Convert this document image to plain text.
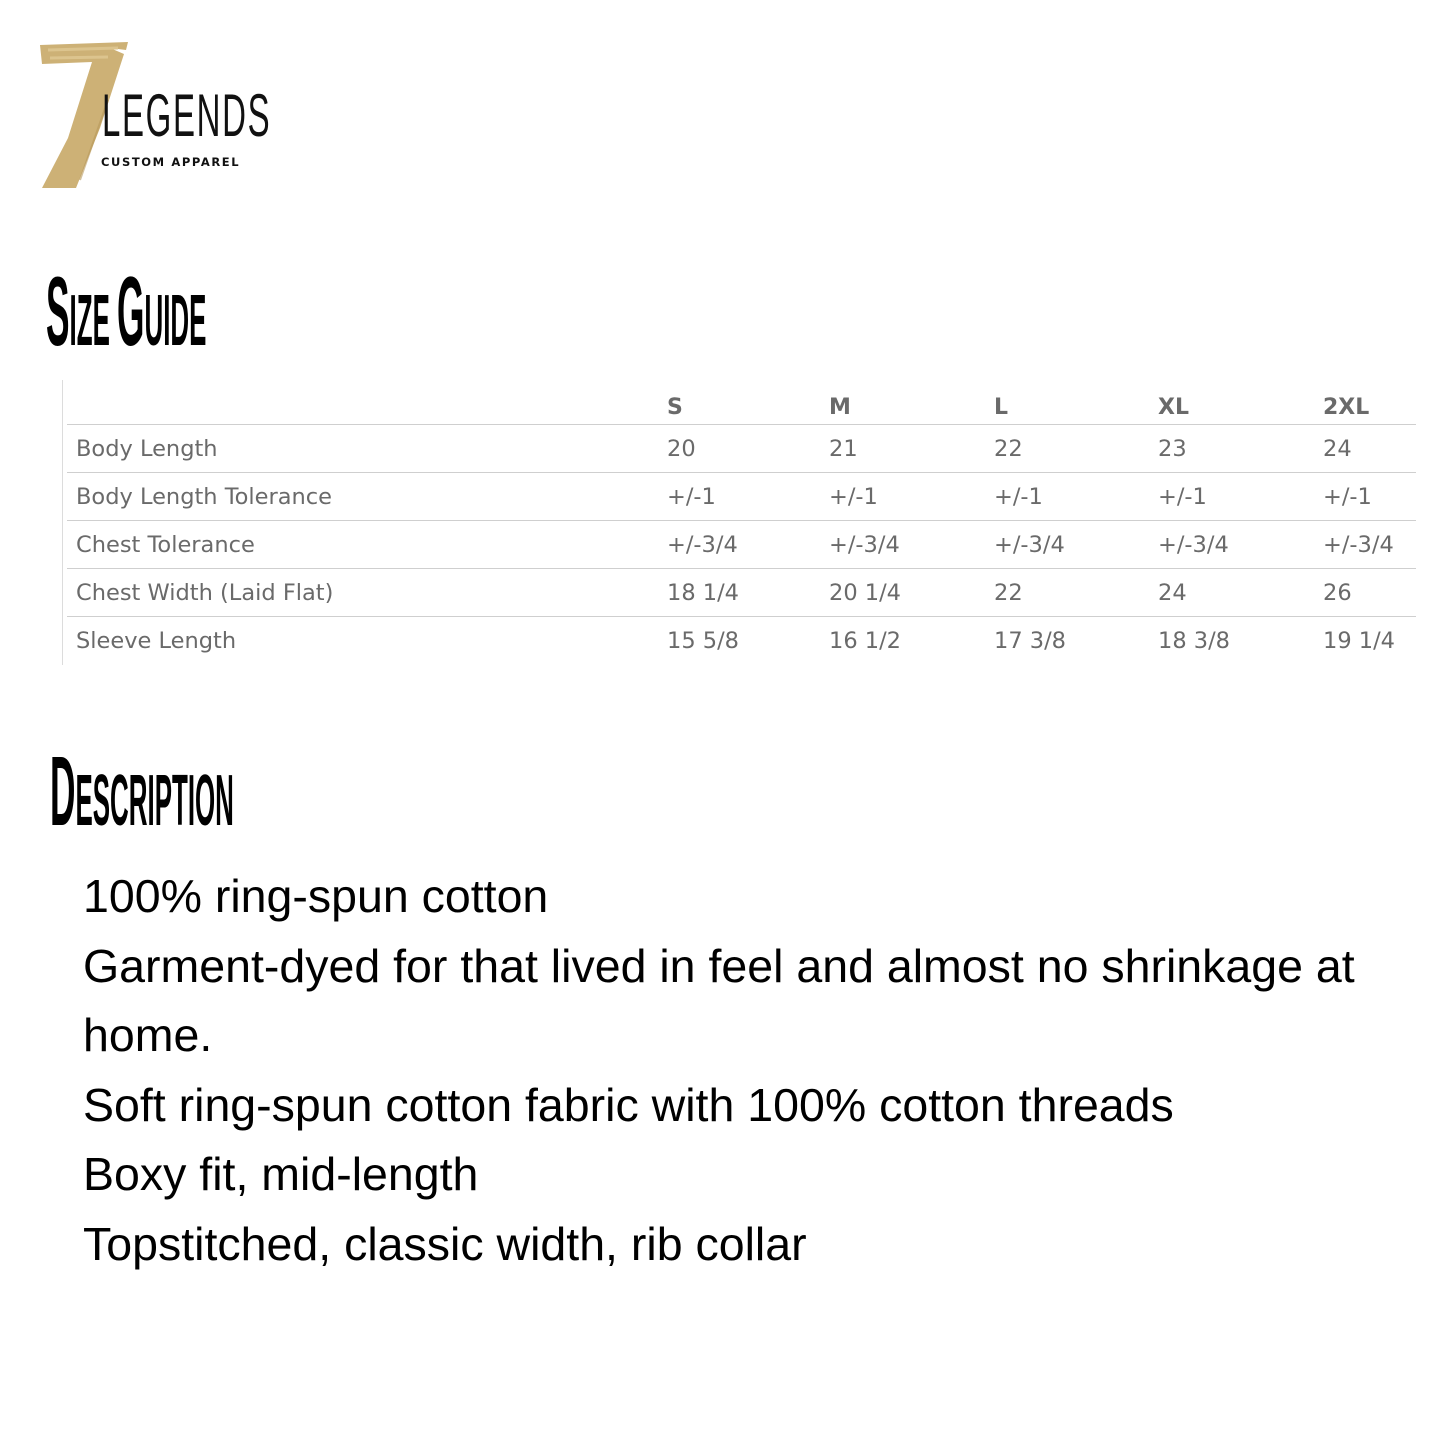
LEGENDS
CUSTOM APPAREL
SIZE GUIDE
	S	M	L	XL	2XL
Body Length	20	21	22	23	24
Body Length Tolerance	+/-1	+/-1	+/-1	+/-1	+/-1
Chest Tolerance	+/-3/4	+/-3/4	+/-3/4	+/-3/4	+/-3/4
Chest Width (Laid Flat)	18 1/4	20 1/4	22	24	26
Sleeve Length	15 5/8	16 1/2	17 3/8	18 3/8	19 1/4
DESCRIPTION
100% ring-spun cotton
Garment-dyed for that lived in feel and almost no shrinkage at home.
Soft ring-spun cotton fabric with 100% cotton threads
Boxy fit, mid-length
Topstitched, classic width, rib collar
